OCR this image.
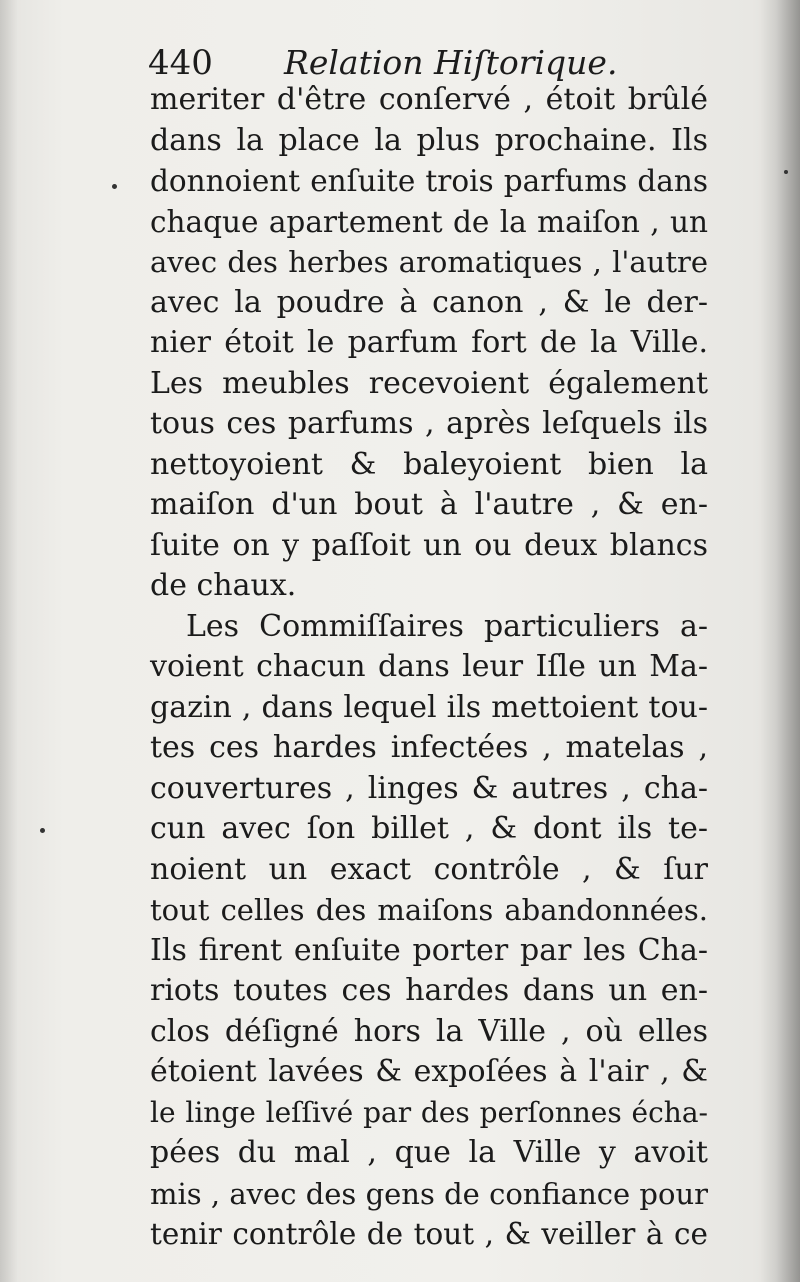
440 Relation Hiſtorique.
meriter d'être conſervé , étoit brûlé
dans la place la plus prochaine. Ils
donnoient enſuite trois parfums dans
chaque apartement de la maiſon , un
avec des herbes aromatiques , l'autre
avec la poudre à canon , & le der-
nier étoit le parfum fort de la Ville.
Les meubles recevoient également
tous ces parfums , après leſquels ils
nettoyoient & baleyoient bien la
maiſon d'un bout à l'autre , & en-
ſuite on y paſſoit un ou deux blancs
de chaux.
Les Commiſſaires particuliers a-
voient chacun dans leur Iſle un Ma-
gazin , dans lequel ils mettoient tou-
tes ces hardes infectées , matelas ,
couvertures , linges & autres , cha-
cun avec ſon billet , & dont ils te-
noient un exact contrôle , & ſur
tout celles des maiſons abandonnées.
Ils firent enſuite porter par les Cha-
riots toutes ces hardes dans un en-
clos déſigné hors la Ville , où elles
étoient lavées & expoſées à l'air , &
le linge leſſivé par des perſonnes écha-
pées du mal , que la Ville y avoit
mis , avec des gens de confiance pour
tenir contrôle de tout , & veiller à ce
